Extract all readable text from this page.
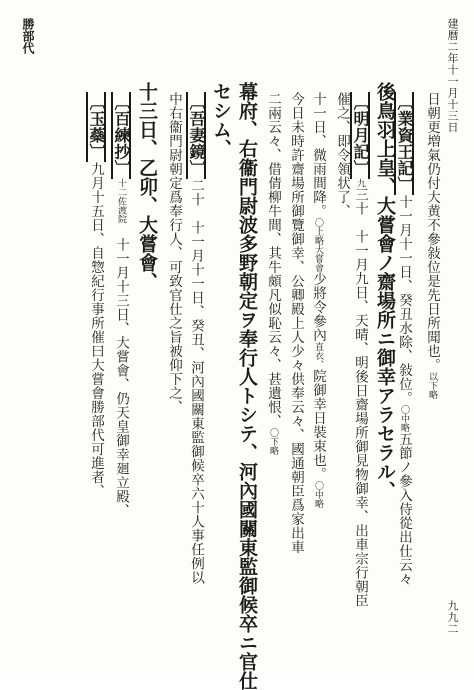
勝部代	建暦二年十一月十三日
九九二
日朝更増氣仍付大黄不參敍位是先日所聞也。以下略
〔業資王記〕十一月十一日、癸丑水除、敍位。〇中略五節ノ參入侍從出仕云々
後鳥羽上皇、大嘗會ノ齋場所ニ御幸アラセラル、
〔明月記〕九三十　十一月九日、天晴、明後日齋場所御見物御幸、出車宗行朝臣
催之、即令領状了、
十一日、微雨間降。〇上略大嘗會少將令參內直衣、院御幸日裝束也。〇中略
今日未時許齋場所御覽御幸、公卿殿上人少々供奉云々、國通朝臣爲家出車
二兩云々、借倩柳牛間、其牛頗凡似恥云々、甚遺恨、〇下略
幕府、右衞門尉波多野朝定ヲ奉行人トシテ、河內國關東監御候卒ニ官仕
セシム、
〔吾妻鏡〕二十　十一月十一日、癸丑、河內國關東監御候卒六十人事任例以
中右衞門尉朝定爲奉行人、可致官仕之旨被仰下之、
十三日、乙卯、大嘗會、
〔百練抄〕十二佐渡院　十一月十三日、大嘗會、仍天皇御幸廻立殿、
〔玉蘂〕九月十五日、自惣紀行事所催曰大嘗會勝部代可進者、
